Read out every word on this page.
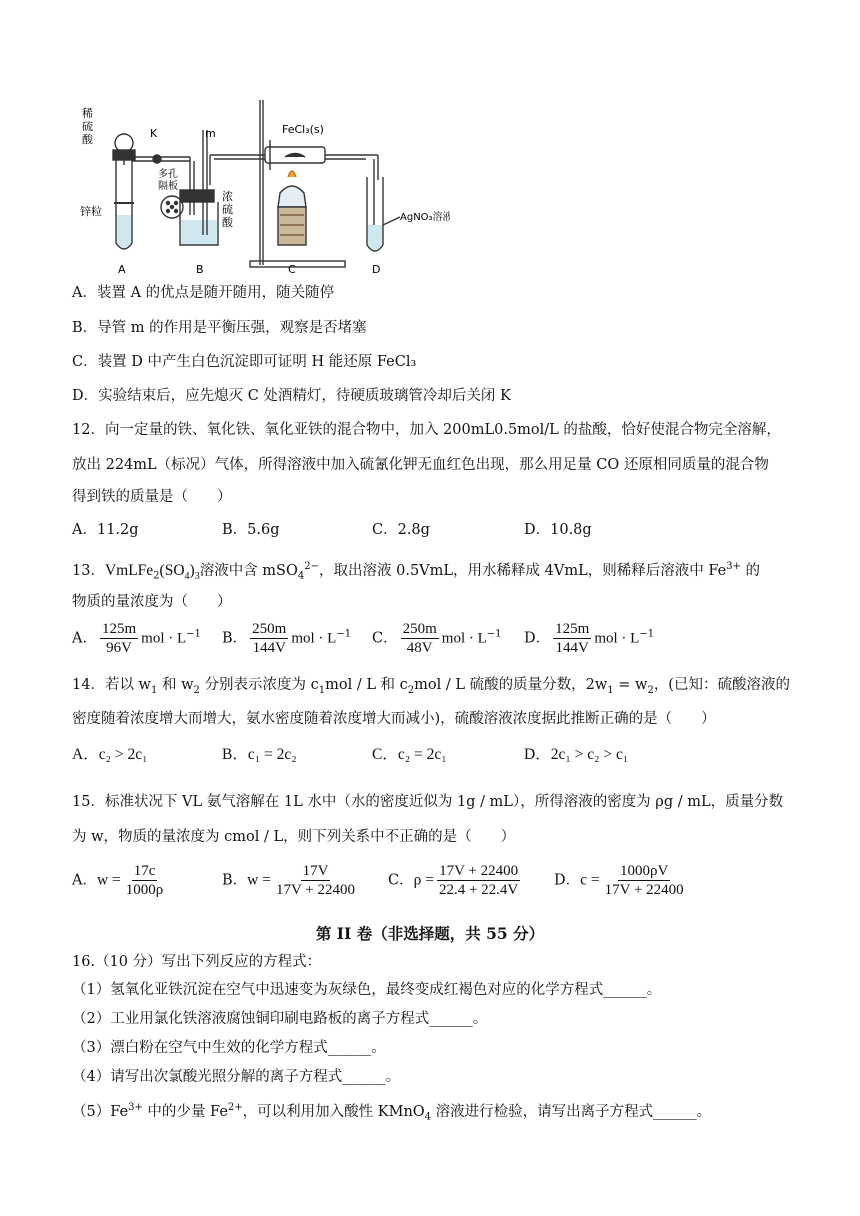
稀硫酸	K	m
多孔隔板
锌粒
浓硫酸
FeCl₃(s)
AgNO₃溶液
A	B	C	D
A．装置 A 的优点是随开随用，随关随停
B．导管 m 的作用是平衡压强，观察是否堵塞
C．装置 D 中产生白色沉淀即可证明 H 能还原 FeCl₃
D．实验结束后，应先熄灭 C 处酒精灯，待硬质玻璃管冷却后关闭 K
12．向一定量的铁、氧化铁、氧化亚铁的混合物中，加入 200mL0.5mol/L 的盐酸，恰好使混合物完全溶解，
放出 224mL（标况）气体，所得溶液中加入硫氰化钾无血红色出现，那么用足量 CO 还原相同质量的混合物
得到铁的质量是（　　）
A．11.2g	B．5.6g	C．2.8g	D．10.8g
13．$VmLFe_2(SO_4)_3$溶液中含 mSO$_4^{2-}$，取出溶液 0.5VmL，用水稀释成 4VmL，则稀释后溶液中 $Fe^{3+}$ 的
物质的量浓度为（　　）
A． $\frac{125m}{96V}$ mol · $L^{-1}$ B． $\frac{250m}{144V}$ mol · $L^{-1}$ C． $\frac{250m}{48V}$ mol · $L^{-1}$ D． $\frac{125m}{144V}$ mol · $L^{-1}$
14．若以 $w_1$ 和 $w_2$ 分别表示浓度为 $c_1mol$ / L 和 $c_2mol$ / L 硫酸的质量分数，$2w_1 = w_2$，(已知：硫酸溶液的
密度随着浓度增大而增大，氨水密度随着浓度增大而减小)，硫酸溶液浓度据此推断正确的是（　　）
A．c₂ > 2c₁	B．c₁ = 2c₂	C．c₂ = 2c₁	D．2c₁ > c₂ > c₁
15．标准状况下 VL 氨气溶解在 1L 水中（水的密度近似为 1g / mL），所得溶液的密度为 ρg / mL，质量分数
为 w，物质的量浓度为 cmol / L，则下列关系中不正确的是（　　）
A．$w = \frac{17c}{1000\rho}$	B．$w = \frac{17V}{17V + 22400}$ C．$\rho = \frac{17V + 22400}{22.4 + 22.4V}$ D．$c = \frac{1000\rho V}{17V + 22400}$
第 II 卷（非选择题，共 55 分）
16.（10 分）写出下列反应的方程式：
（1）氢氧化亚铁沉淀在空气中迅速变为灰绿色，最终变成红褐色对应的化学方程式______。
（2）工业用氯化铁溶液腐蚀铜印刷电路板的离子方程式______。
（3）漂白粉在空气中生效的化学方程式______。
（4）请写出次氯酸光照分解的离子方程式______。
$(5)Fe^{3+}$ 中的少量 $Fe^{2+}$，可以利用加入酸性 KMnO$_4$ 溶液进行检验，请写出离子方程式______。
